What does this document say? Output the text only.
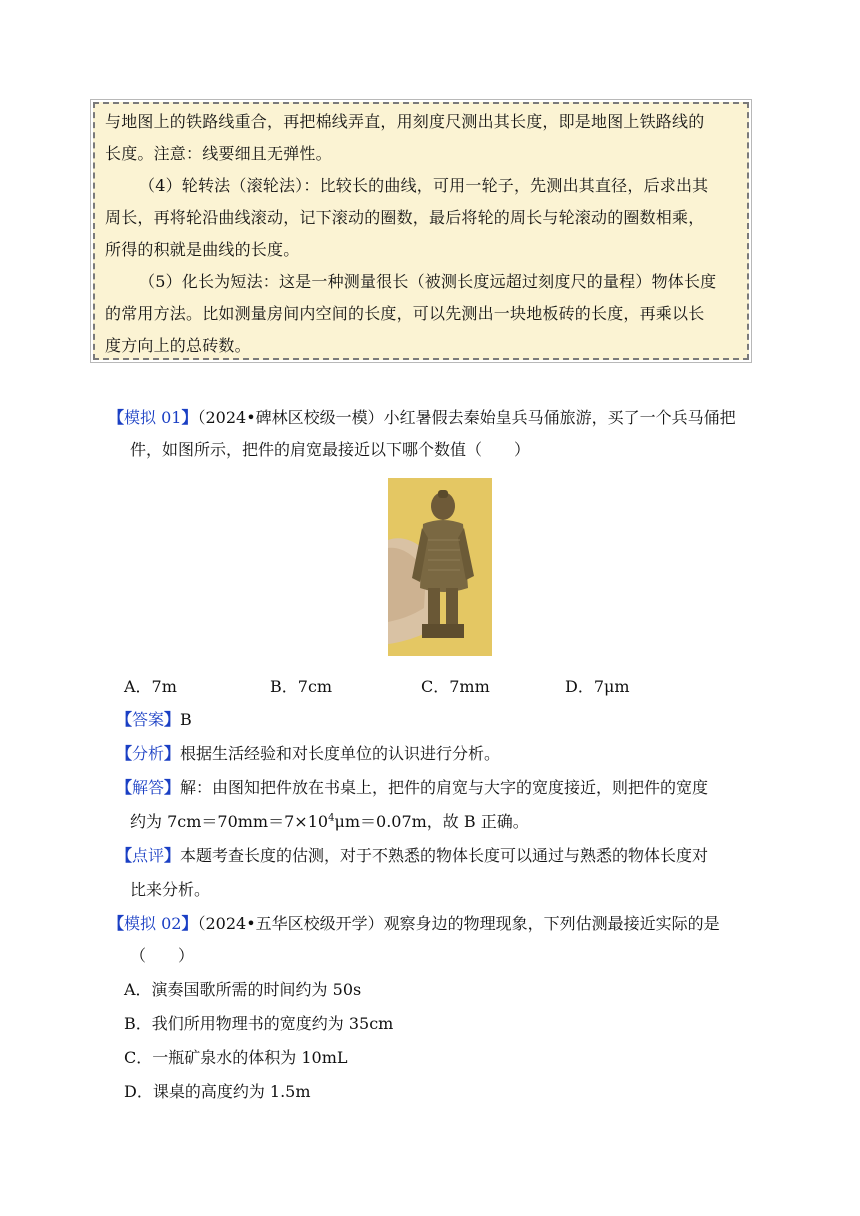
与地图上的铁路线重合，再把棉线弄直，用刻度尺测出其长度，即是地图上铁路线的
长度。注意：线要细且无弹性。
（4）轮转法（滚轮法）：比较长的曲线，可用一轮子，先测出其直径，后求出其
周长，再将轮沿曲线滚动，记下滚动的圈数，最后将轮的周长与轮滚动的圈数相乘，
所得的积就是曲线的长度。
（5）化长为短法：这是一种测量很长（被测长度远超过刻度尺的量程）物体长度
的常用方法。比如测量房间内空间的长度，可以先测出一块地板砖的长度，再乘以长
度方向上的总砖数。
【模拟 01】（2024•碑林区校级一模）小红暑假去秦始皇兵马俑旅游，买了一个兵马俑把
件，如图所示，把件的肩宽最接近以下哪个数值（　　）
A．7m	B．7cm	C．7mm	D．7μm
【答案】B
【分析】根据生活经验和对长度单位的认识进行分析。
【解答】解：由图知把件放在书桌上，把件的肩宽与大字的宽度接近，则把件的宽度
约为 $7cm=70mm=7\times 10^4\mu m=0.07m$，故 B 正确。
【点评】本题考查长度的估测，对于不熟悉的物体长度可以通过与熟悉的物体长度对
比来分析。
【模拟 02】（2024•五华区校级开学）观察身边的物理现象，下列估测最接近实际的是
（　　）
A．演奏国歌所需的时间约为 50s
B．我们所用物理书的宽度约为 35cm
C．一瓶矿泉水的体积为 10mL
D．课桌的高度约为 1.5m
